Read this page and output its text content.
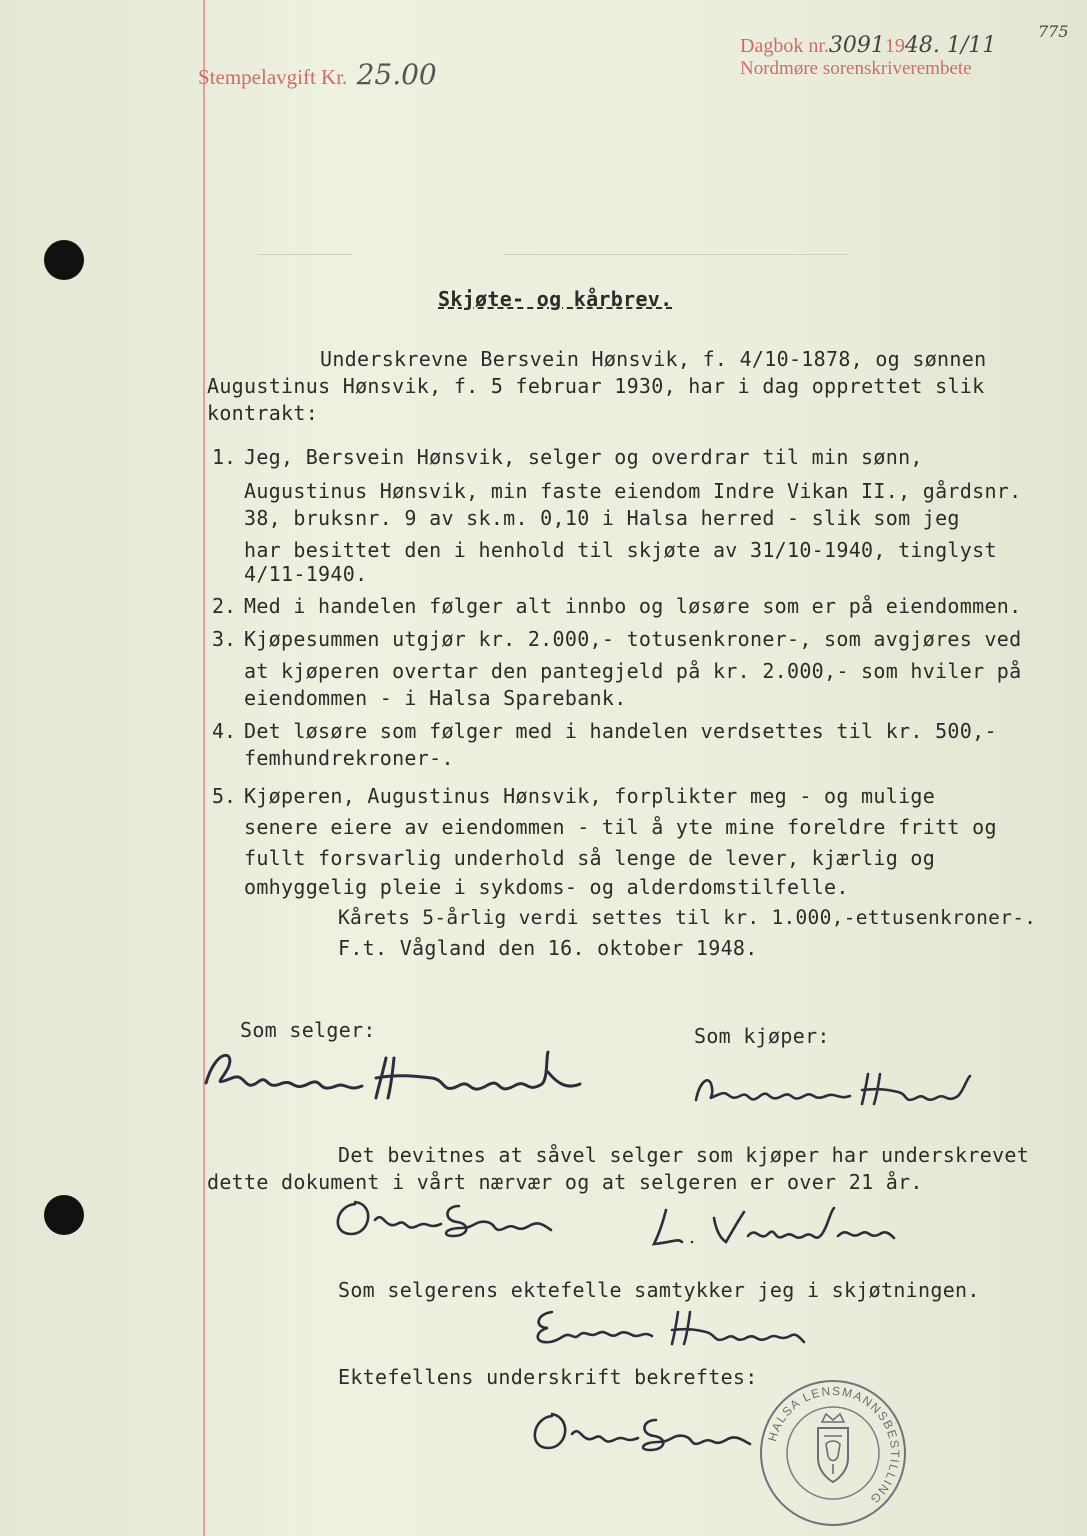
Stempelavgift Kr. 25.00
Dagbok nr.30911948. 1/11
775
Nordmøre sorenskriverembete
Skjøte- og kårbrev.
Underskrevne Bersvein Hønsvik, f. 4/10-1878, og sønnen
Augustinus Hønsvik, f. 5 februar 1930, har i dag opprettet slik
kontrakt:
1. Jeg, Bersvein Hønsvik, selger og overdrar til min sønn,
Augustinus Hønsvik, min faste eiendom Indre Vikan II., gårdsnr.
38, bruksnr. 9 av sk.m. 0,10 i Halsa herred - slik som jeg
har besittet den i henhold til skjøte av 31/10-1940, tinglyst
4/11-1940.
2. Med i handelen følger alt innbo og løsøre som er på eiendommen.
3. Kjøpesummen utgjør kr. 2.000,- totusenkroner-, som avgjøres ved
at kjøperen overtar den pantegjeld på kr. 2.000,- som hviler på
eiendommen - i Halsa Sparebank.
4. Det løsøre som følger med i handelen verdsettes til kr. 500,-
femhundrekroner-.
5. Kjøperen, Augustinus Hønsvik, forplikter meg - og mulige
senere eiere av eiendommen - til å yte mine foreldre fritt og
fullt forsvarlig underhold så lenge de lever, kjærlig og
omhyggelig pleie i sykdoms- og alderdomstilfelle.
Kårets 5-årlig verdi settes til kr. 1.000,-ettusenkroner-.
F.t. Vågland den 16. oktober 1948.
Som selger:	Som kjøper:
Det bevitnes at såvel selger som kjøper har underskrevet
dette dokument i vårt nærvær og at selgeren er over 21 år.
Som selgerens ektefelle samtykker jeg i skjøtningen.
Ektefellens underskrift bekreftes:
HALSA LENSMANNSBESTILLING
